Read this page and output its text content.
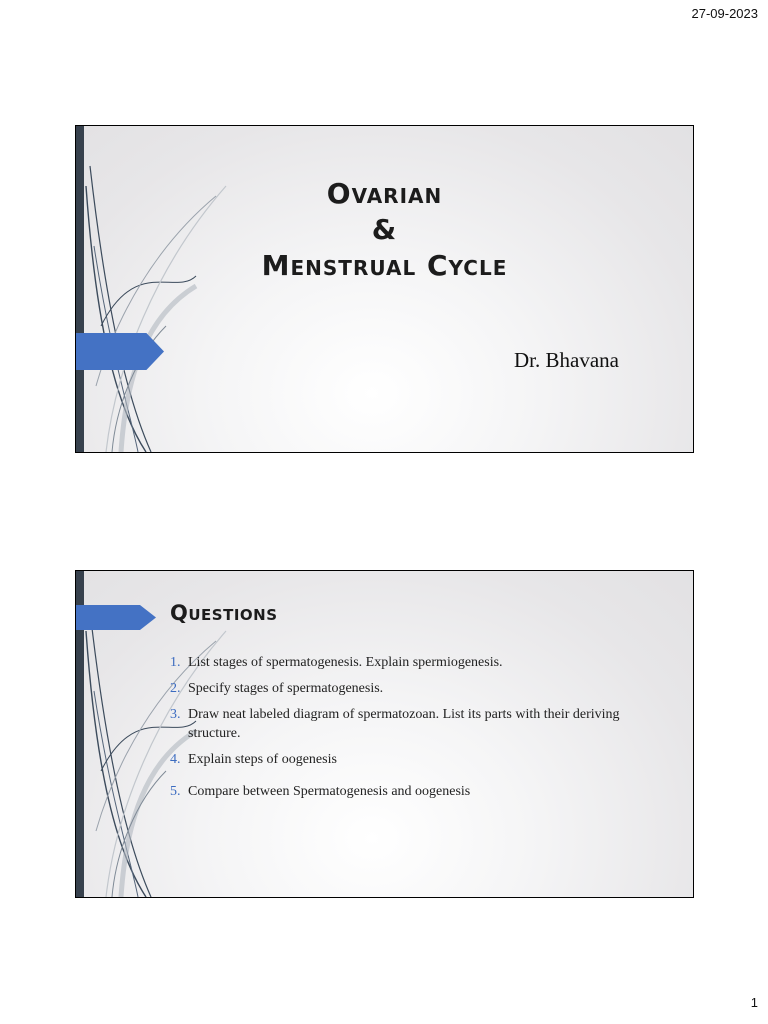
27-09-2023
Ovarian
&
Menstrual Cycle
Dr. Bhavana
Questions
1. List stages of spermatogenesis. Explain spermiogenesis.
2. Specify stages of spermatogenesis.
3. Draw neat labeled diagram of spermatozoan. List its parts with their deriving structure.
4. Explain steps of oogenesis
5. Compare between Spermatogenesis and oogenesis
1
